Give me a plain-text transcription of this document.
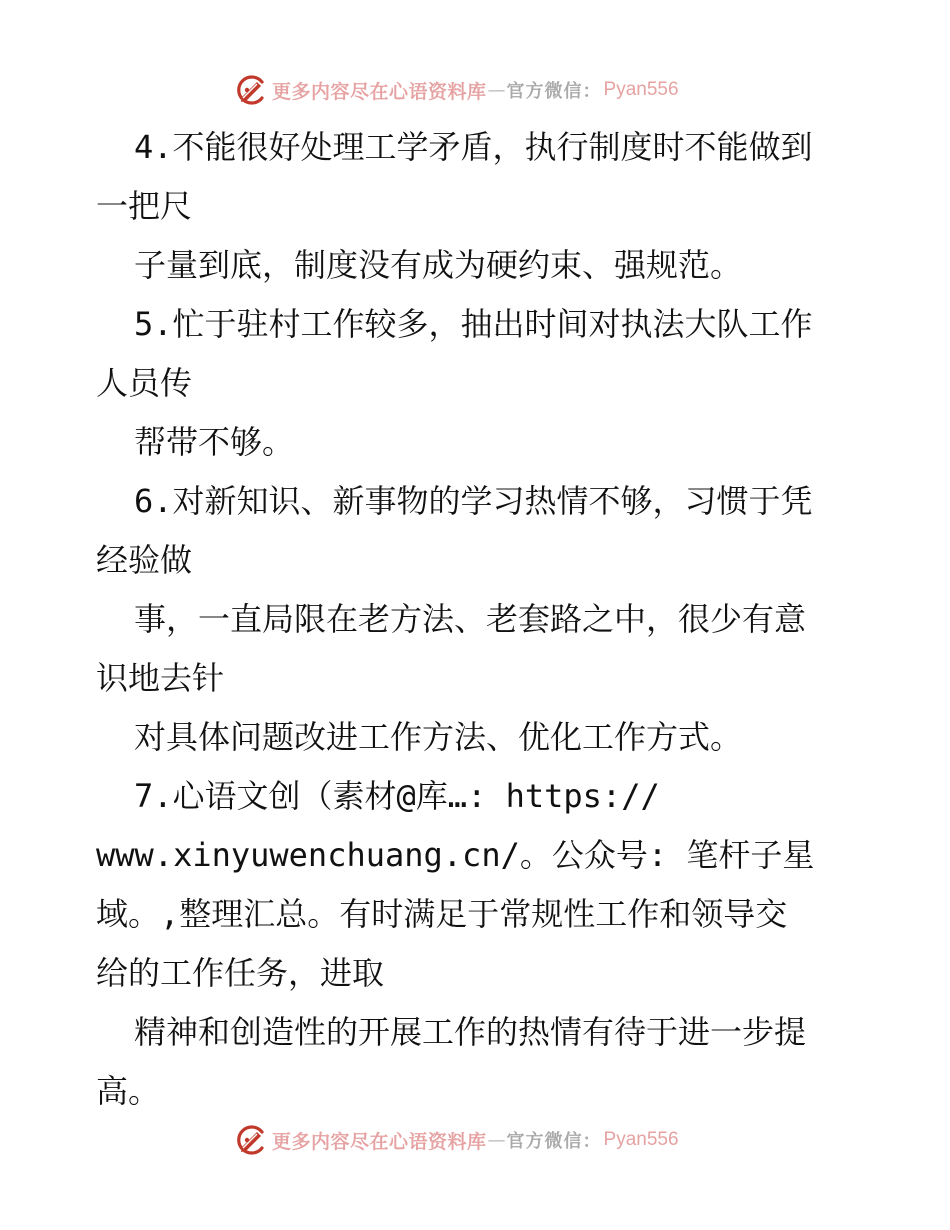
更多内容尽在心语资料库 — 官方微信： Pyan556
4.不能很好处理工学矛盾，执行制度时不能做到
一把尺
子量到底，制度没有成为硬约束、强规范。
5.忙于驻村工作较多，抽出时间对执法大队工作
人员传
帮带不够。
6.对新知识、新事物的学习热情不够，习惯于凭
经验做
事，一直局限在老方法、老套路之中，很少有意
识地去针
对具体问题改进工作方法、优化工作方式。
7.心语文创（素材@库…: https://
www.xinyuwenchuang.cn/。公众号: 笔杆子星
域。,整理汇总。有时满足于常规性工作和领导交
给的工作任务，进取
精神和创造性的开展工作的热情有待于进一步提
高。
更多内容尽在心语资料库 — 官方微信： Pyan556
